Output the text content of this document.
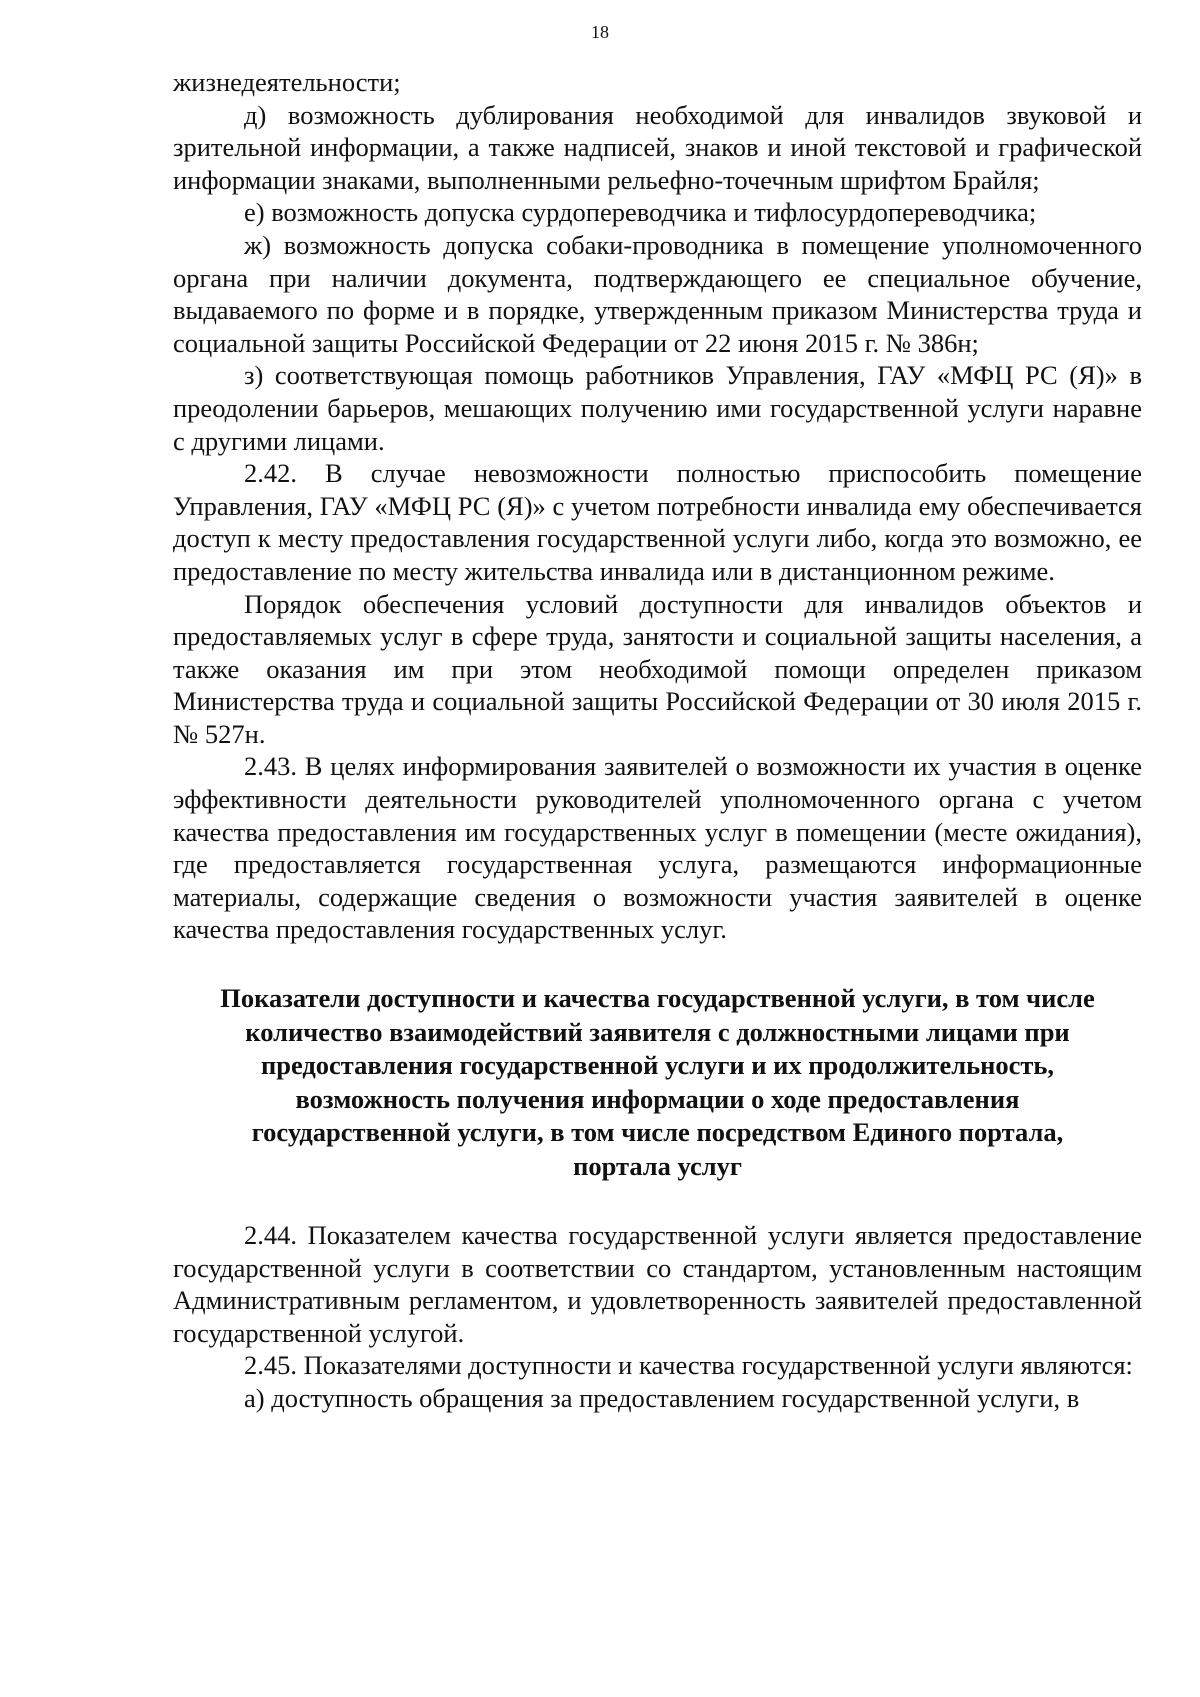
18

жизнедеятельности;

д) возможность дублирования необходимой для инвалидов звуковой и зрительной информации, а также надписей, знаков и иной текстовой и графической информации знаками, выполненными рельефно-точечным шрифтом Брайля;

е) возможность допуска сурдопереводчика и тифлосурдопереводчика;

ж) возможность допуска собаки-проводника в помещение уполномоченного органа при наличии документа, подтверждающего ее специальное обучение, выдаваемого по форме и в порядке, утвержденным приказом Министерства труда и социальной защиты Российской Федерации от 22 июня 2015 г. № 386н;

з) соответствующая помощь работников Управления, ГАУ «МФЦ РС (Я)» в преодолении барьеров, мешающих получению ими государственной услуги наравне с другими лицами.

2.42. В случае невозможности полностью приспособить помещение Управления, ГАУ «МФЦ РС (Я)» с учетом потребности инвалида ему обеспечивается доступ к месту предоставления государственной услуги либо, когда это возможно, ее предоставление по месту жительства инвалида или в дистанционном режиме.

Порядок обеспечения условий доступности для инвалидов объектов и предоставляемых услуг в сфере труда, занятости и социальной защиты населения, а также оказания им при этом необходимой помощи определен приказом Министерства труда и социальной защиты Российской Федерации от 30 июля 2015 г. № 527н.

2.43. В целях информирования заявителей о возможности их участия в оценке эффективности деятельности руководителей уполномоченного органа с учетом качества предоставления им государственных услуг в помещении (месте ожидания), где предоставляется государственная услуга, размещаются информационные материалы, содержащие сведения о возможности участия заявителей в оценке качества предоставления государственных услуг.

Показатели доступности и качества государственной услуги, в том числе количество взаимодействий заявителя с должностными лицами при предоставления государственной услуги и их продолжительность, возможность получения информации о ходе предоставления государственной услуги, в том числе посредством Единого портала, портала услуг

2.44. Показателем качества государственной услуги является предоставление государственной услуги в соответствии со стандартом, установленным настоящим Административным регламентом, и удовлетворенность заявителей предоставленной государственной услугой.

2.45. Показателями доступности и качества государственной услуги являются:

а) доступность обращения за предоставлением государственной услуги, в
